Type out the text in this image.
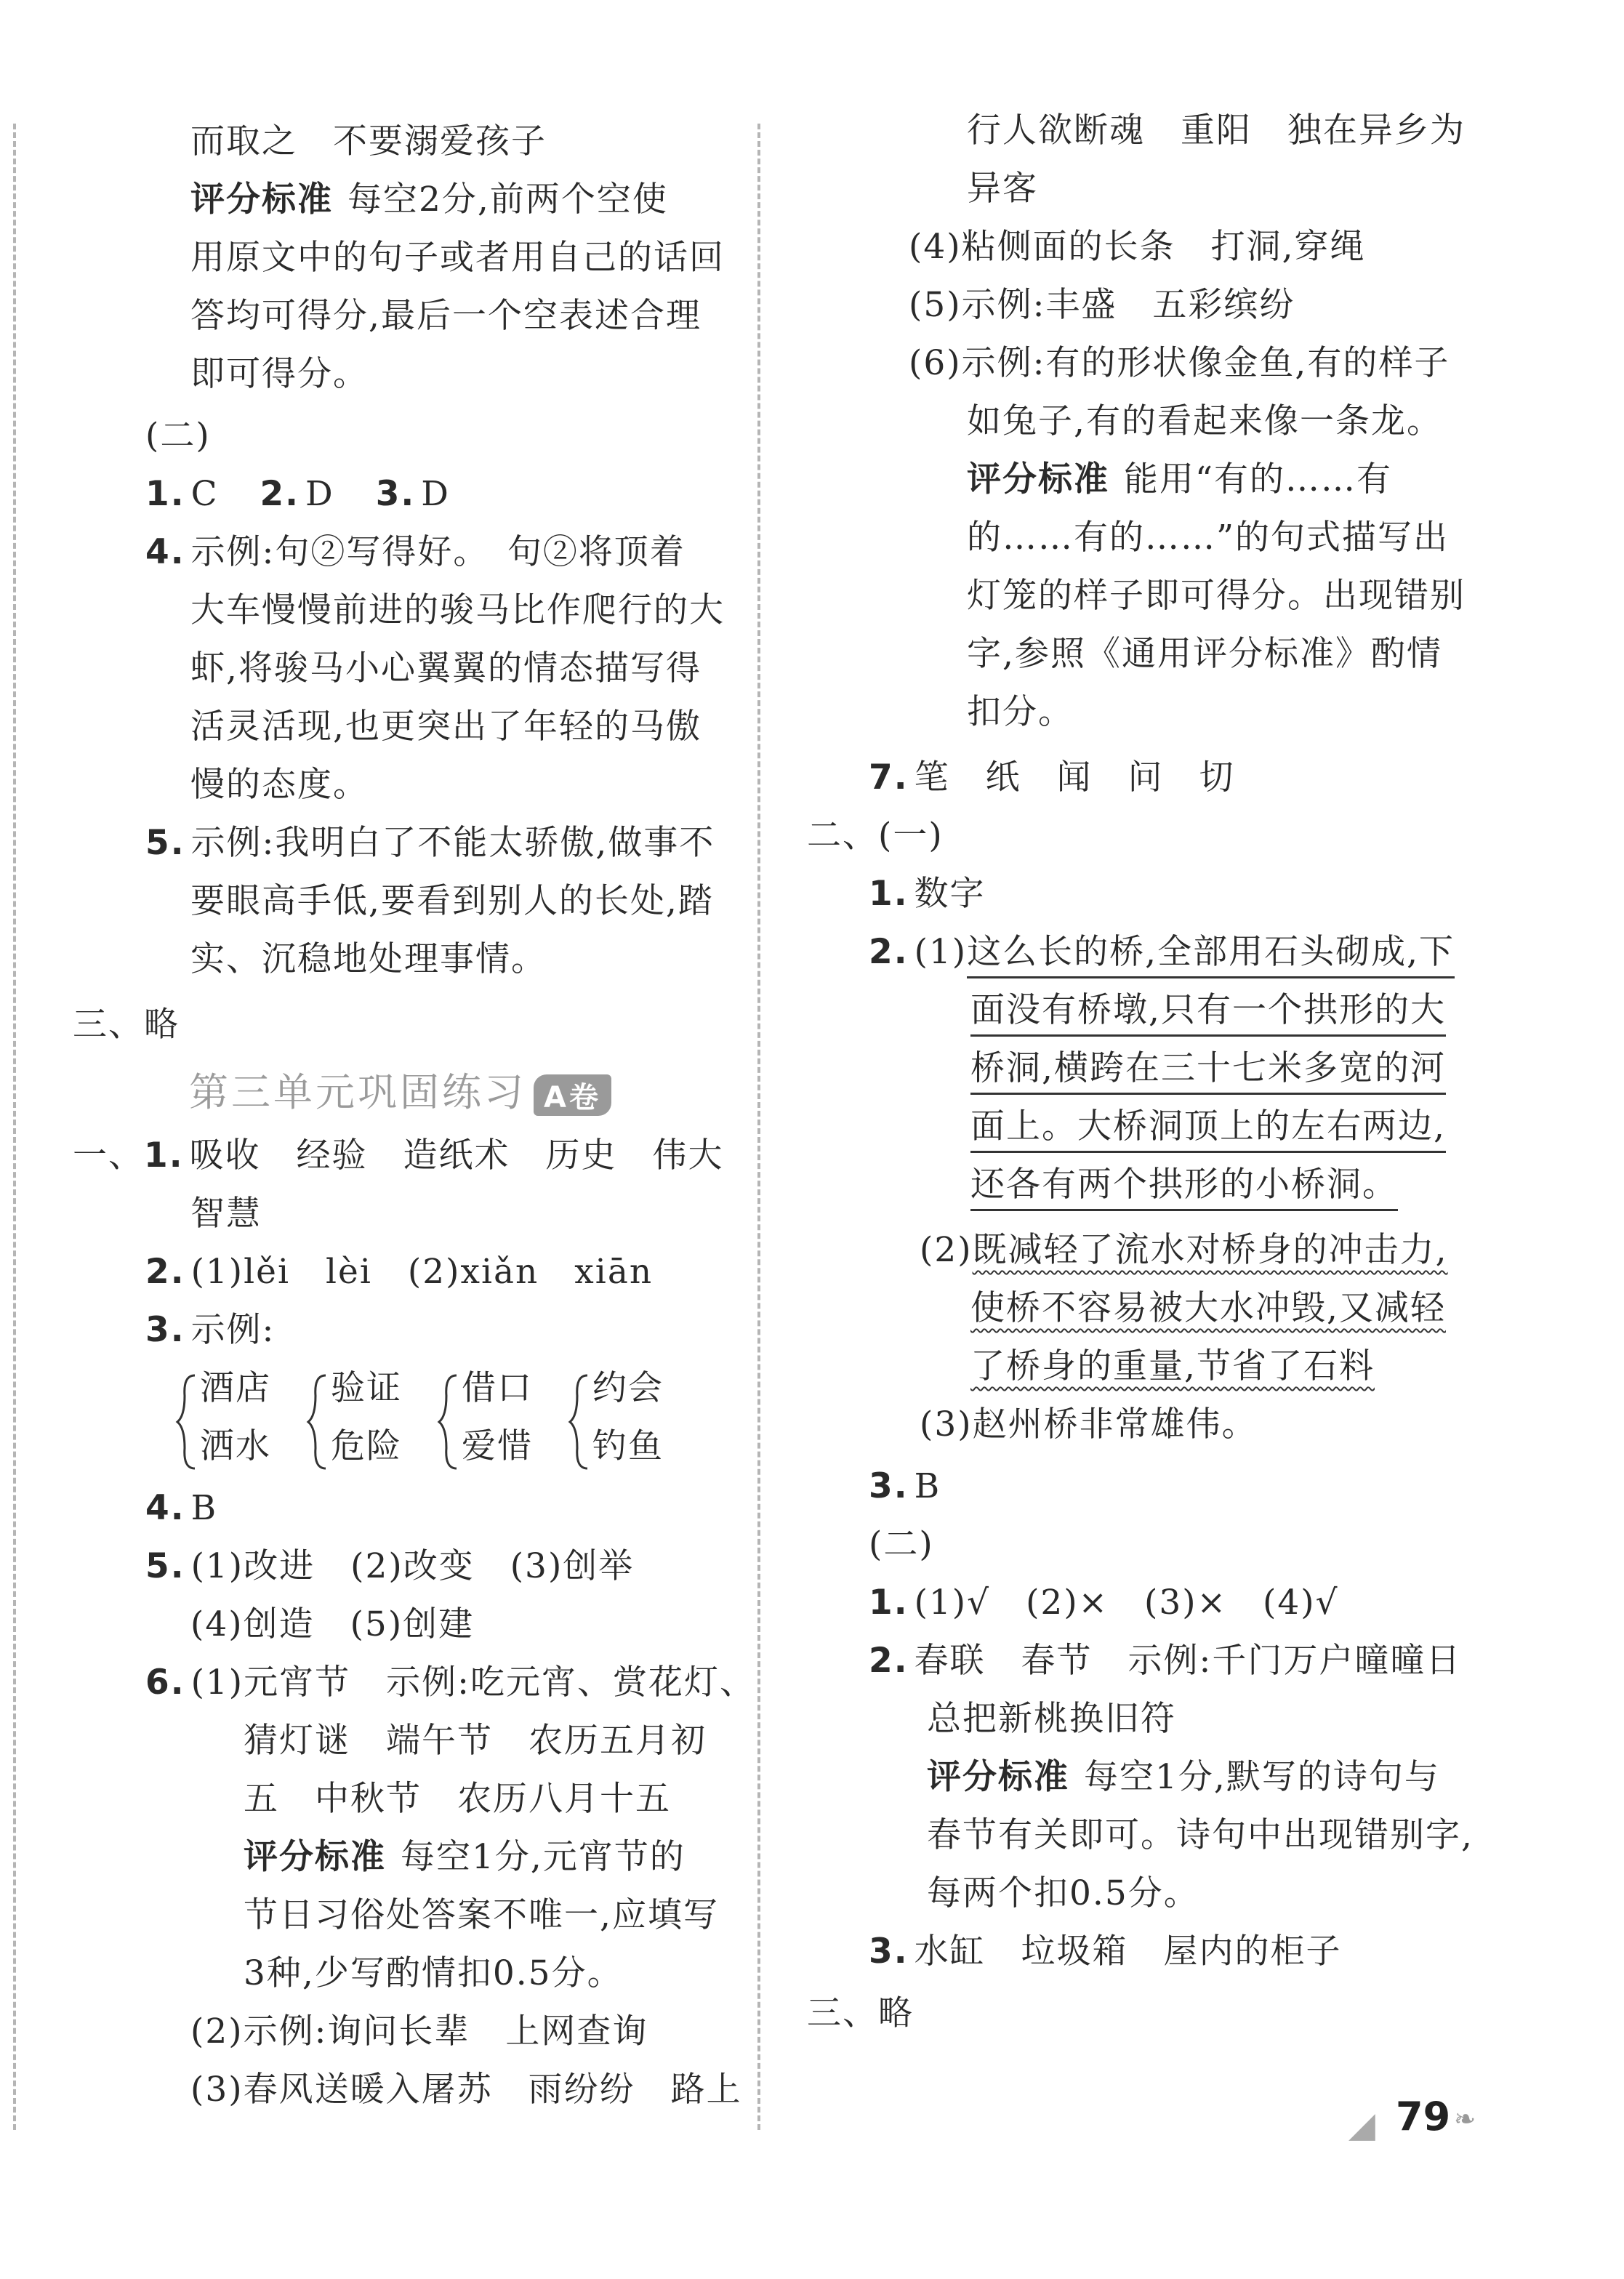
而取之　不要溺爱孩子
评分标准 每空2分,前两个空使
用原文中的句子或者用自己的话回
答均可得分,最后一个空表述合理
即可得分。
(二)
1. C 2. D 3. D
4. 示例:句②写得好。　句②将顶着
大车慢慢前进的骏马比作爬行的大
虾,将骏马小心翼翼的情态描写得
活灵活现,也更突出了年轻的马傲
慢的态度。
5. 示例:我明白了不能太骄傲,做事不
要眼高手低,要看到别人的长处,踏
实、沉稳地处理事情。
三、略
第三单元巩固练习 A卷
一、1. 吸收　经验　造纸术　历史　伟大
智慧
2. (1)lěi　lèi　(2)xiǎn　xiān
3. 示例:
酒店 验证 借口 约会
洒水 危险 爱惜 钓鱼
4. B
5. (1)改进　(2)改变　(3)创举
(4)创造　(5)创建
6. (1)元宵节　示例:吃元宵、赏花灯、
猜灯谜　端午节　农历五月初
五　中秋节　农历八月十五
评分标准 每空1分,元宵节的
节日习俗处答案不唯一,应填写
3种,少写酌情扣0.5分。
(2)示例:询问长辈　上网查询
(3)春风送暖入屠苏　雨纷纷　路上
行人欲断魂　重阳　独在异乡为
异客
(4)粘侧面的长条　打洞,穿绳
(5)示例:丰盛　五彩缤纷
(6)示例:有的形状像金鱼,有的样子
如兔子,有的看起来像一条龙。
评分标准 能用“有的……有
的……有的……”的句式描写出
灯笼的样子即可得分。出现错别
字,参照《通用评分标准》酌情
扣分。
7. 笔　纸　闻　问　切
二、(一)
1. 数字
2. (1)这么长的桥,全部用石头砌成,下
面没有桥墩,只有一个拱形的大
桥洞,横跨在三十七米多宽的河
面上。大桥洞顶上的左右两边,
还各有两个拱形的小桥洞。
(2)既减轻了流水对桥身的冲击力,
使桥不容易被大水冲毁,又减轻
了桥身的重量,节省了石料
(3)赵州桥非常雄伟。
3. B
(二)
1. (1)√　(2)×　(3)×　(4)√
2. 春联　春节　示例:千门万户曈曈日
总把新桃换旧符
评分标准 每空1分,默写的诗句与
春节有关即可。诗句中出现错别字,
每两个扣0.5分。
3. 水缸　垃圾箱　屋内的柜子
三、略
◢ 79 ❧
